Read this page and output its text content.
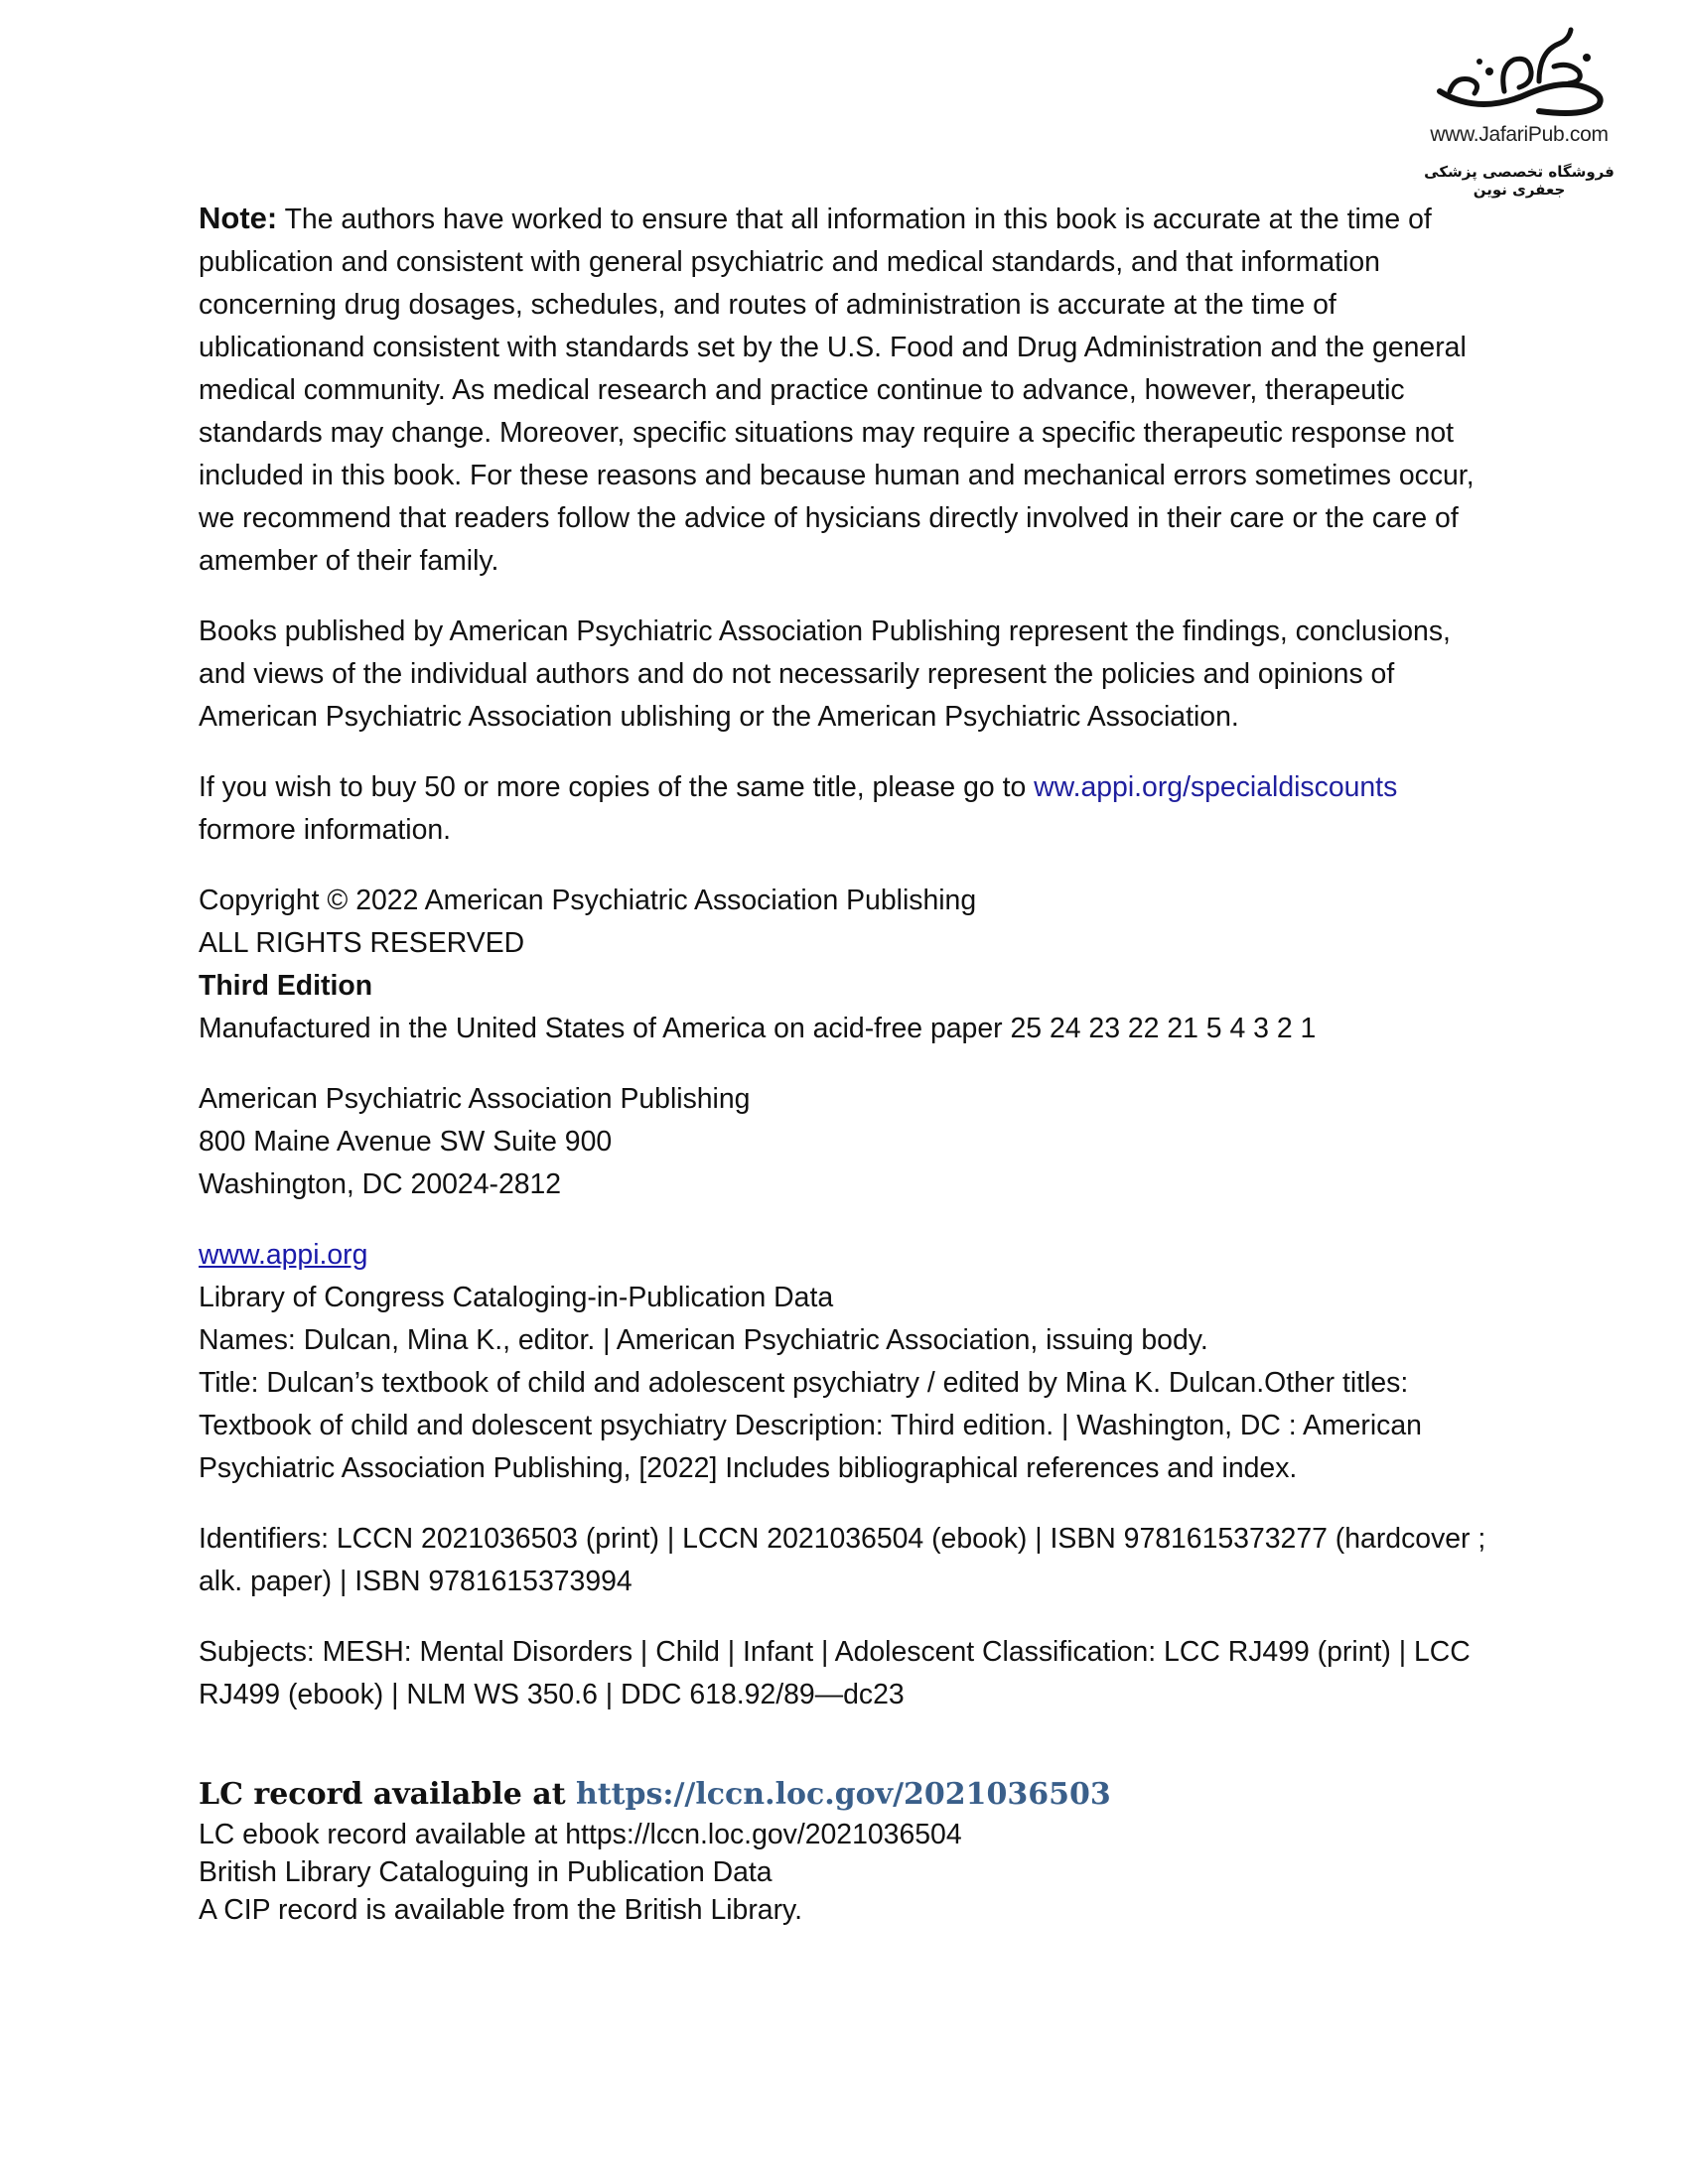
www.JafariPub.com
فروشگاه تخصصی پزشکی جعفری نوین

Note: The authors have worked to ensure that all information in this book is accurate at the time of publication and consistent with general psychiatric and medical standards, and that information concerning drug dosages, schedules, and routes of administration is accurate at the time of ublicationand consistent with standards set by the U.S. Food and Drug Administration and the general medical community. As medical research and practice continue to advance, however, therapeutic standards may change. Moreover, specific situations may require a specific therapeutic response not included in this book. For these reasons and because human and mechanical errors sometimes occur, we recommend that readers follow the advice of hysicians directly involved in their care or the care of amember of their family.

Books published by American Psychiatric Association Publishing represent the findings, conclusions, and views of the individual authors and do not necessarily represent the policies and opinions of American Psychiatric Association ublishing or the American Psychiatric Association.

If you wish to buy 50 or more copies of the same title, please go to ww.appi.org/specialdiscounts
formore information.

Copyright © 2022 American Psychiatric Association Publishing

ALL RIGHTS RESERVED

Third Edition

Manufactured in the United States of America on acid-free paper 25 24 23 22 21 5 4 3 2 1

American Psychiatric Association Publishing

800 Maine Avenue SW Suite 900

Washington, DC 20024-2812

www.appi.org

Library of Congress Cataloging-in-Publication Data

Names: Dulcan, Mina K., editor. | American Psychiatric Association, issuing body.

Title: Dulcan’s textbook of child and adolescent psychiatry / edited by Mina K. Dulcan.Other titles: Textbook of child and dolescent psychiatry Description: Third edition. | Washington, DC : American Psychiatric Association Publishing, [2022] Includes bibliographical references and index.

Identifiers: LCCN 2021036503 (print) | LCCN 2021036504 (ebook) | ISBN 9781615373277 (hardcover ; alk. paper) | ISBN 9781615373994

Subjects: MESH: Mental Disorders | Child | Infant | Adolescent Classification: LCC RJ499 (print) | LCC RJ499 (ebook) | NLM WS 350.6 | DDC 618.92/89—dc23

LC record available at https://lccn.loc.gov/2021036503
LC ebook record available at https://lccn.loc.gov/2021036504
British Library Cataloguing in Publication Data
A CIP record is available from the British Library.
